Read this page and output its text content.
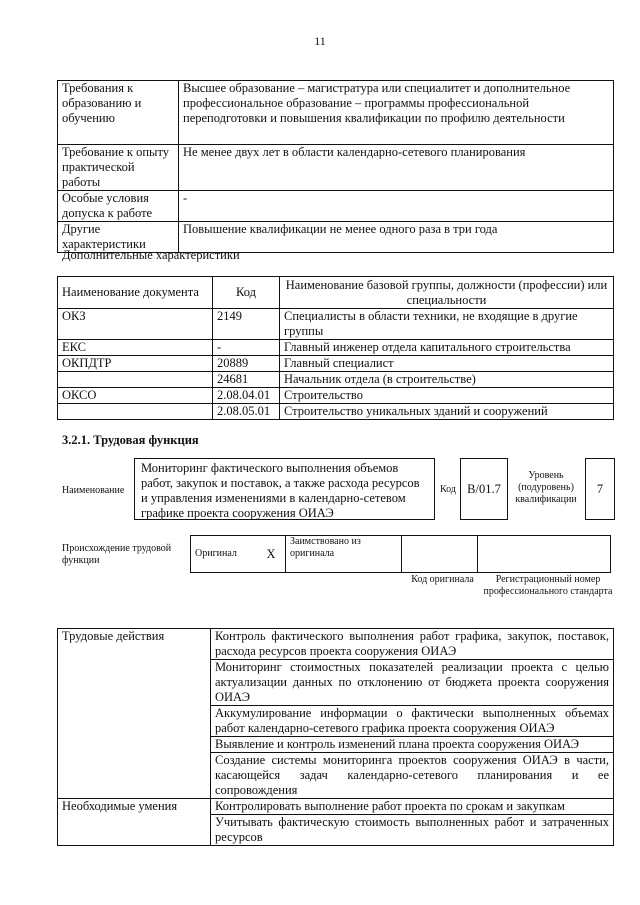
11
Требования к образованию и обучению	Высшее образование – магистратура или специалитет и дополнительное профессиональное образование – программы профессиональной переподготовки и повышения квалификации по профилю деятельности
Требование к опыту практической работы	Не менее двух лет в области календарно-сетевого планирования
Особые условия допуска к работе	-
Другие характеристики	Повышение квалификации не менее одного раза в три года
Дополнительные характеристики
Наименование документа	Код	Наименование базовой группы, должности (профессии) или специальности
ОКЗ	2149	Специалисты в области техники, не входящие в другие группы
ЕКС	-	Главный инженер отдела капитального строительства
ОКПДТР	20889	Главный специалист
	24681	Начальник отдела (в строительстве)
ОКСО	2.08.04.01	Строительство
	2.08.05.01	Строительство уникальных зданий и сооружений
3.2.1. Трудовая функция
Наименование
Мониторинг фактического выполнения объемов работ, закупок и поставок, а также расхода ресурсов и управления изменениями в календарно-сетевом графике проекта сооружения ОИАЭ
Код B/01.7
Уровень (подуровень) квалификации
7
Происхождение трудовой функции
Оригинал	X	Заимствовано из оригинала		
Код оригинала	Регистрационный номер профессионального стандарта
Трудовые действия	Контроль фактического выполнения работ графика, закупок, поставок, расхода ресурсов проекта сооружения ОИАЭ
	Мониторинг стоимостных показателей реализации проекта с целью актуализации данных по отклонению от бюджета проекта сооружения ОИАЭ
	Аккумулирование информации о фактически выполненных объемах работ календарно-сетевого графика проекта сооружения ОИАЭ
	Выявление и контроль изменений плана проекта сооружения ОИАЭ
	Создание системы мониторинга проектов сооружения ОИАЭ в части, касающейся задач календарно-сетевого планирования и ее сопровождения
Необходимые умения	Контролировать выполнение работ проекта по срокам и закупкам
	Учитывать фактическую стоимость выполненных работ и затраченных ресурсов
